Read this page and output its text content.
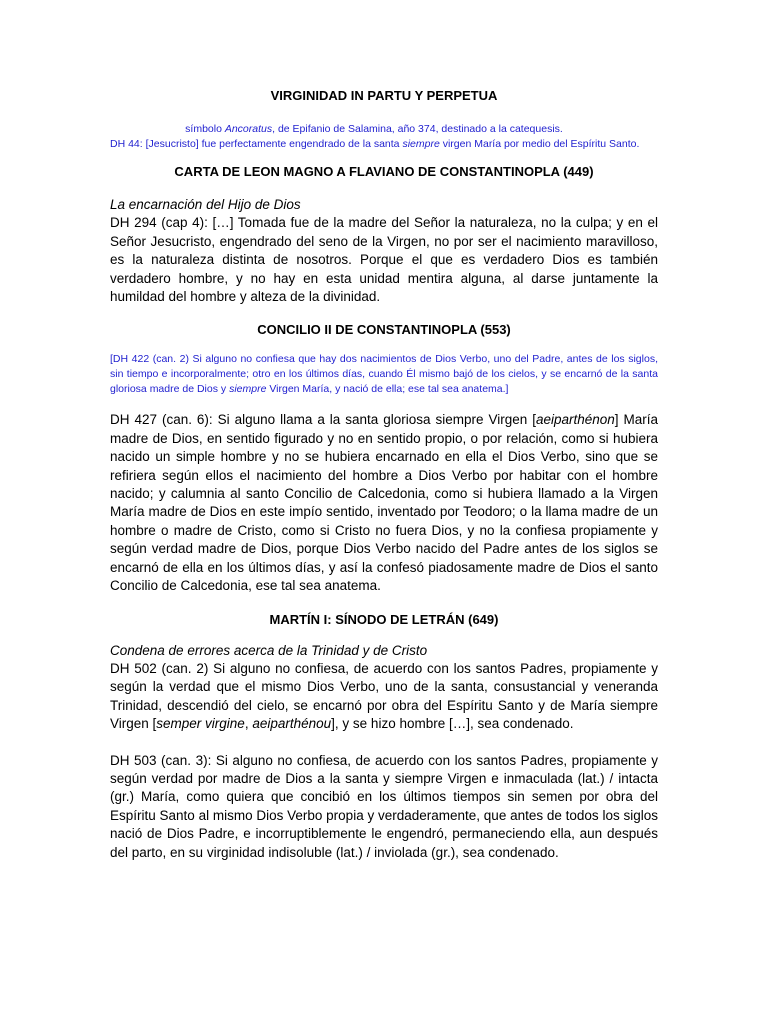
VIRGINIDAD IN PARTU Y PERPETUA

símbolo Ancoratus, de Epifanio de Salamina, año 374, destinado a la catequesis.

DH 44: [Jesucristo] fue perfectamente engendrado de la santa siempre virgen María por medio del Espíritu Santo.

CARTA DE LEON MAGNO A FLAVIANO DE CONSTANTINOPLA (449)

La encarnación del Hijo de Dios

DH 294 (cap 4): […] Tomada fue de la madre del Señor la naturaleza, no la culpa; y en el Señor Jesucristo, engendrado del seno de la Virgen, no por ser el nacimiento maravilloso, es la naturaleza distinta de nosotros. Porque el que es verdadero Dios es también verdadero hombre, y no hay en esta unidad mentira alguna, al darse juntamente la humildad del hombre y alteza de la divinidad.

CONCILIO II DE CONSTANTINOPLA (553)

[DH 422 (can. 2) Si alguno no confiesa que hay dos nacimientos de Dios Verbo, uno del Padre, antes de los siglos, sin tiempo e incorporalmente; otro en los últimos días, cuando Él mismo bajó de los cielos, y se encarnó de la santa gloriosa madre de Dios y siempre Virgen María, y nació de ella; ese tal sea anatema.]

DH 427 (can. 6): Si alguno llama a la santa gloriosa siempre Virgen [aeiparthénon] María madre de Dios, en sentido figurado y no en sentido propio, o por relación, como si hubiera nacido un simple hombre y no se hubiera encarnado en ella el Dios Verbo, sino que se refiriera según ellos el nacimiento del hombre a Dios Verbo por habitar con el hombre nacido; y calumnia al santo Concilio de Calcedonia, como si hubiera llamado a la Virgen María madre de Dios en este impío sentido, inventado por Teodoro; o la llama madre de un hombre o madre de Cristo, como si Cristo no fuera Dios, y no la confiesa propiamente y según verdad madre de Dios, porque Dios Verbo nacido del Padre antes de los siglos se encarnó de ella en los últimos días, y así la confesó piadosamente madre de Dios el santo Concilio de Calcedonia, ese tal sea anatema.

MARTÍN I: SÍNODO DE LETRÁN (649)

Condena de errores acerca de la Trinidad y de Cristo

DH 502 (can. 2) Si alguno no confiesa, de acuerdo con los santos Padres, propiamente y según la verdad que el mismo Dios Verbo, uno de la santa, consustancial y veneranda Trinidad, descendió del cielo, se encarnó por obra del Espíritu Santo y de María siempre Virgen [semper virgine, aeiparthénou], y se hizo hombre […], sea condenado.

DH 503 (can. 3): Si alguno no confiesa, de acuerdo con los santos Padres, propiamente y según verdad por madre de Dios a la santa y siempre Virgen e inmaculada (lat.) / intacta (gr.) María, como quiera que concibió en los últimos tiempos sin semen por obra del Espíritu Santo al mismo Dios Verbo propia y verdaderamente, que antes de todos los siglos nació de Dios Padre, e incorruptiblemente le engendró, permaneciendo ella, aun después del parto, en su virginidad indisoluble (lat.) / inviolada (gr.), sea condenado.
